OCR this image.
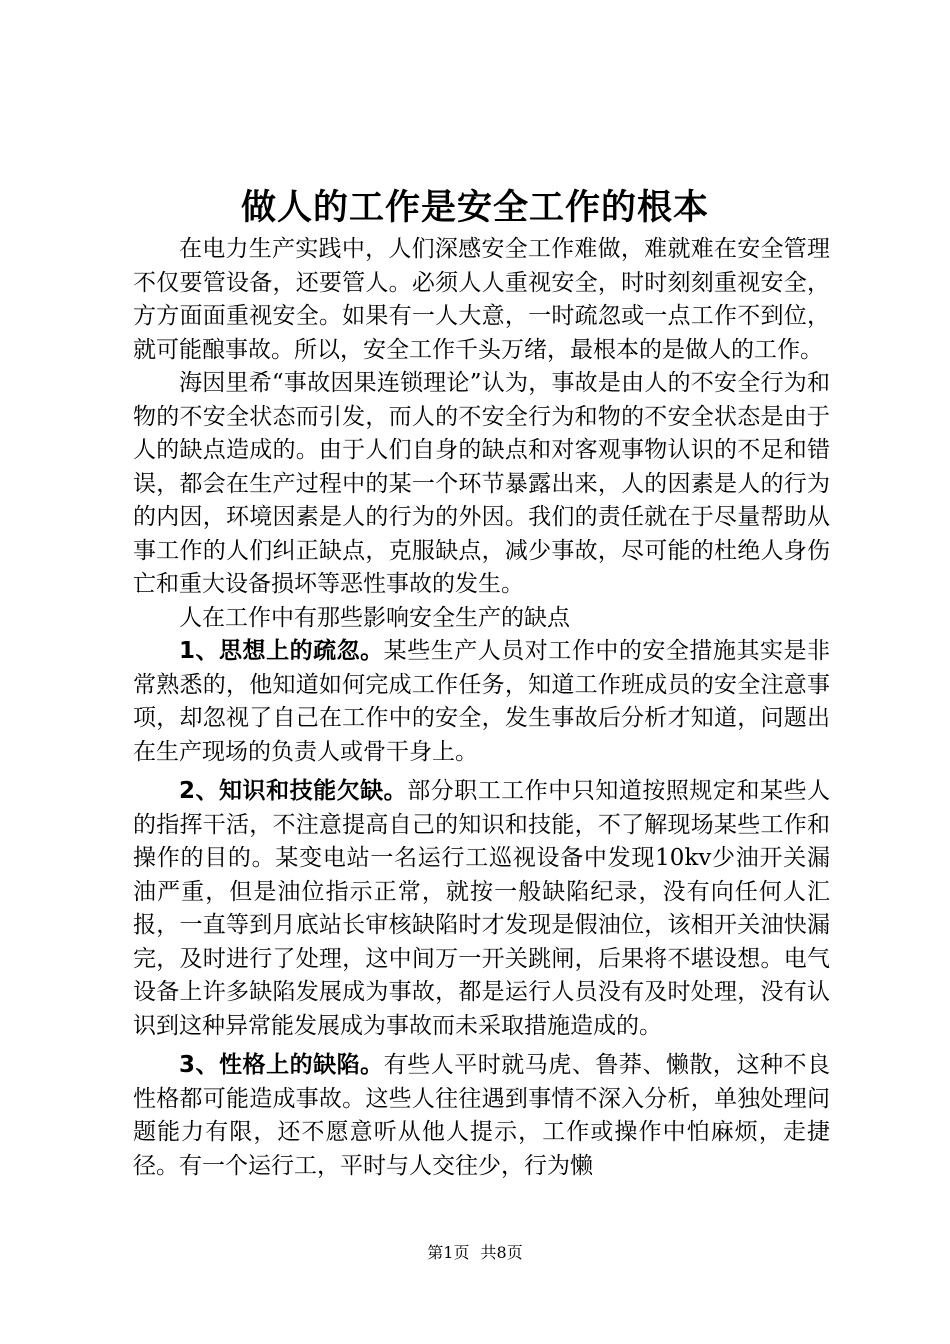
做人的工作是安全工作的根本

在电力生产实践中，人们深感安全工作难做，难就难在安全管理不仅要管设备，还要管人。必须人人重视安全，时时刻刻重视安全，方方面面重视安全。如果有一人大意，一时疏忽或一点工作不到位，就可能酿事故。所以，安全工作千头万绪，最根本的是做人的工作。

海因里希“事故因果连锁理论”认为，事故是由人的不安全行为和物的不安全状态而引发，而人的不安全行为和物的不安全状态是由于人的缺点造成的。由于人们自身的缺点和对客观事物认识的不足和错误，都会在生产过程中的某一个环节暴露出来，人的因素是人的行为的内因，环境因素是人的行为的外因。我们的责任就在于尽量帮助从事工作的人们纠正缺点，克服缺点，减少事故，尽可能的杜绝人身伤亡和重大设备损坏等恶性事故的发生。

人在工作中有那些影响安全生产的缺点

1、思想上的疏忽。某些生产人员对工作中的安全措施其实是非常熟悉的，他知道如何完成工作任务，知道工作班成员的安全注意事项，却忽视了自己在工作中的安全，发生事故后分析才知道，问题出在生产现场的负责人或骨干身上。

2、知识和技能欠缺。部分职工工作中只知道按照规定和某些人的指挥干活，不注意提高自己的知识和技能，不了解现场某些工作和操作的目的。某变电站一名运行工巡视设备中发现10kv少油开关漏油严重，但是油位指示正常，就按一般缺陷纪录，没有向任何人汇报，一直等到月底站长审核缺陷时才发现是假油位，该相开关油快漏完，及时进行了处理，这中间万一开关跳闸，后果将不堪设想。电气设备上许多缺陷发展成为事故，都是运行人员没有及时处理，没有认识到这种异常能发展成为事故而未采取措施造成的。

3、性格上的缺陷。有些人平时就马虎、鲁莽、懒散，这种不良性格都可能造成事故。这些人往往遇到事情不深入分析，单独处理问题能力有限，还不愿意听从他人提示，工作或操作中怕麻烦，走捷径。有一个运行工，平时与人交往少，行为懒

第1页 共8页
